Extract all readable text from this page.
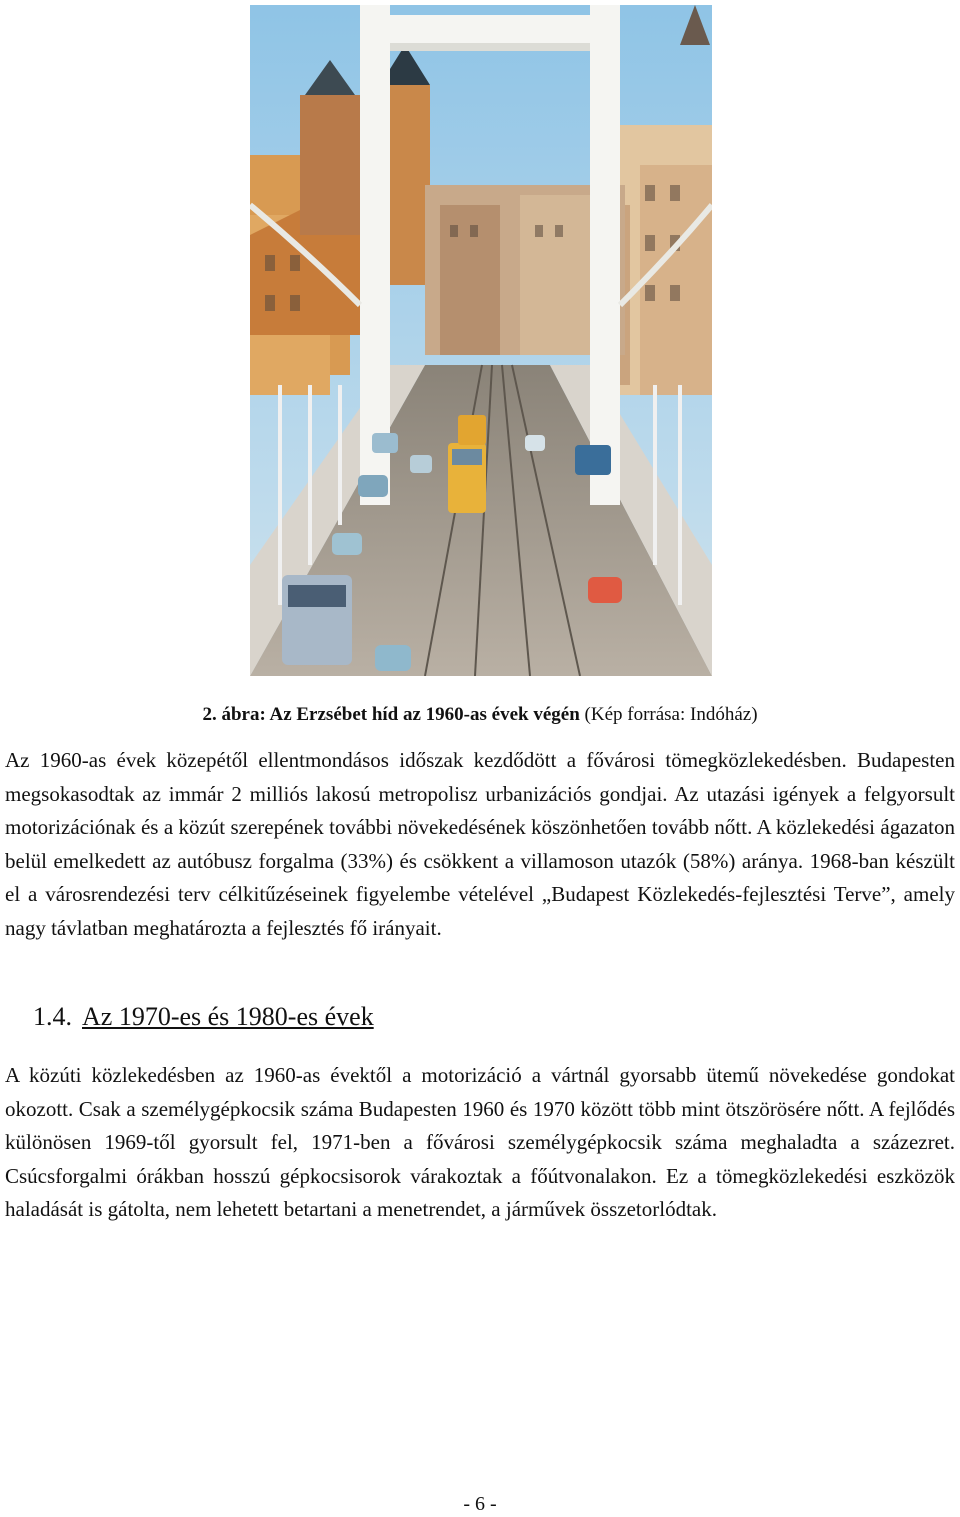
2. ábra: Az Erzsébet híd az 1960-as évek végén (Kép forrása: Indóház)

Az 1960-as évek közepétől ellentmondásos időszak kezdődött a fővárosi tömegközlekedésben. Budapesten megsokasodtak az immár 2 milliós lakosú metropolisz urbanizációs gondjai. Az utazási igények a felgyorsult motorizációnak és a közút szerepének további növekedésének köszönhetően tovább nőtt. A közlekedési ágazaton belül emelkedett az autóbusz forgalma (33%) és csökkent a villamoson utazók (58%) aránya. 1968-ban készült el a városrendezési terv célkitűzéseinek figyelembe vételével „Budapest Közlekedés-fejlesztési Terve”, amely nagy távlatban meghatározta a fejlesztés fő irányait.

1.4. Az 1970-es és 1980-es évek

A közúti közlekedésben az 1960-as évektől a motorizáció a vártnál gyorsabb ütemű növekedése gondokat okozott. Csak a személygépkocsik száma Budapesten 1960 és 1970 között több mint ötszörösére nőtt. A fejlődés különösen 1969-től gyorsult fel, 1971-ben a fővárosi személygépkocsik száma meghaladta a százezret. Csúcsforgalmi órákban hosszú gépkocsisorok várakoztak a főútvonalakon. Ez a tömegközlekedési eszközök haladását is gátolta, nem lehetett betartani a menetrendet, a járművek összetorlódtak.

- 6 -
